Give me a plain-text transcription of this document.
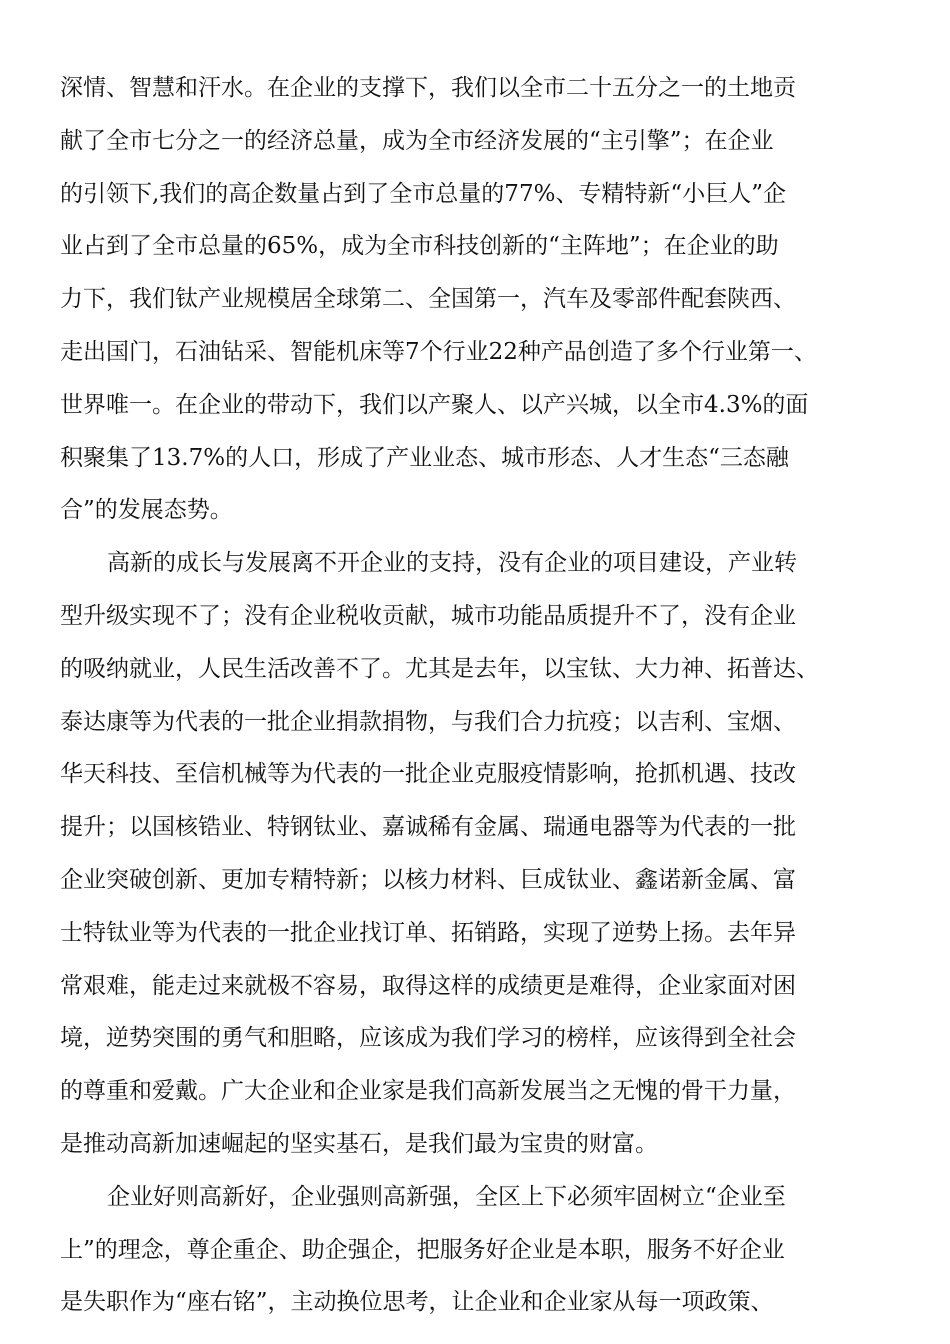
深情、智慧和汗水。在企业的支撑下，我们以全市二十五分之一的土地贡
献了全市七分之一的经济总量，成为全市经济发展的“主引擎”；在企业
的引领下,我们的高企数量占到了全市总量的77%、专精特新“小巨人”企
业占到了全市总量的65%，成为全市科技创新的“主阵地”；在企业的助
力下，我们钛产业规模居全球第二、全国第一，汽车及零部件配套陕西、
走出国门，石油钻采、智能机床等7个行业22种产品创造了多个行业第一、
世界唯一。在企业的带动下，我们以产聚人、以产兴城，以全市4.3%的面
积聚集了13.7%的人口，形成了产业业态、城市形态、人才生态“三态融
合”的发展态势。
高新的成长与发展离不开企业的支持，没有企业的项目建设，产业转
型升级实现不了；没有企业税收贡献，城市功能品质提升不了，没有企业
的吸纳就业，人民生活改善不了。尤其是去年，以宝钛、大力神、拓普达、
泰达康等为代表的一批企业捐款捐物，与我们合力抗疫；以吉利、宝烟、
华天科技、至信机械等为代表的一批企业克服疫情影响，抢抓机遇、技改
提升；以国核锆业、特钢钛业、嘉诚稀有金属、瑞通电器等为代表的一批
企业突破创新、更加专精特新；以核力材料、巨成钛业、鑫诺新金属、富
士特钛业等为代表的一批企业找订单、拓销路，实现了逆势上扬。去年异
常艰难，能走过来就极不容易，取得这样的成绩更是难得，企业家面对困
境，逆势突围的勇气和胆略，应该成为我们学习的榜样，应该得到全社会
的尊重和爱戴。广大企业和企业家是我们高新发展当之无愧的骨干力量，
是推动高新加速崛起的坚实基石，是我们最为宝贵的财富。
企业好则高新好，企业强则高新强，全区上下必须牢固树立“企业至
上”的理念，尊企重企、助企强企，把服务好企业是本职，服务不好企业
是失职作为“座右铭”，主动换位思考，让企业和企业家从每一项政策、
